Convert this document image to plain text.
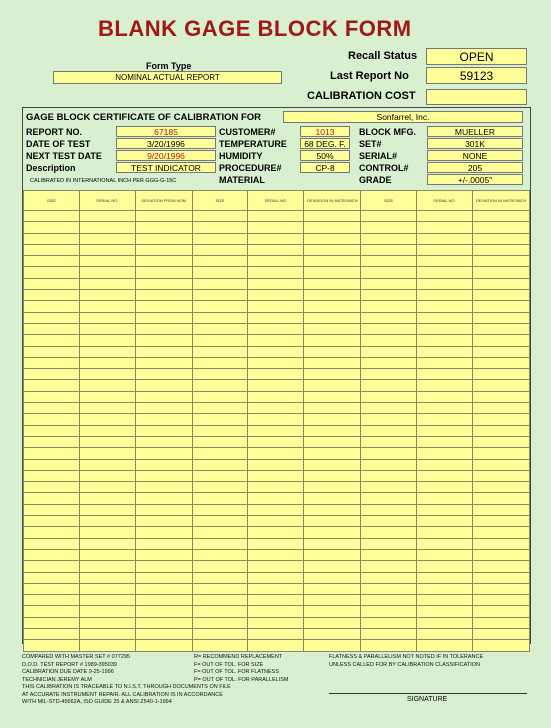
BLANK GAGE BLOCK FORM
Form Type
NOMINAL ACTUAL REPORT
Recall Status	OPEN
Last Report No	59123
CALIBRATION COST
GAGE BLOCK CERTIFICATE OF CALIBRATION FOR	Sonfarrel, Inc.
REPORT NO.	67185
DATE OF TEST	3/20/1996
NEXT TEST DATE	9/20/1996
Description	TEST INDICATOR
CALIBRATED IN INTERNATIONAL INCH PER GGG-G-15C
CUSTOMER#	1013
TEMPERATURE	68 DEG. F.
HUMIDITY	50%
PROCEDURE#	CP-8
MATERIAL
BLOCK MFG.	MUELLER
SET#	301K
SERIAL#	NONE
CONTROL#	205
GRADE	+/-.0005"
SIZE	SERIAL NO.	DEVIATION FROM NOM	SIZE	SERIAL NO.	DEVIATION IN MICROINCH	SIZE	SERIAL NO.	DEVIATION IN MICROINCH

COMPARED WITH MASTER SET # 077295
D.O.D. TEST REPORT # 1989-395039
CALIBRATION DUE DATE 9-25-1996
TECHNICIAN JEREMY ALM
THIS CALIBRATION IS TRACEABLE TO N.I.S.T. THROUGH DOCUMENTS ON FILE
AT ACCURATE INSTRUMENT REPAIR. ALL CALIBRATION IS IN ACCORDANCE
WITH MIL-STD-45662A, ISO GUIDE 25 & ANSI Z540-1-1994
R= RECOMMEND REPLACEMENT
F= OUT OF TOL. FOR SIZE
F= OUT OF TOL. FOR FLATNESS
P= OUT OF TOL. FOR PARALLELISM
FLATNESS & PARALLELISM NOT NOTED IF IN TOLERANCE
UNLESS CALLED FOR BY CALIBRATION CLASSIFICATION
SIGNATURE
